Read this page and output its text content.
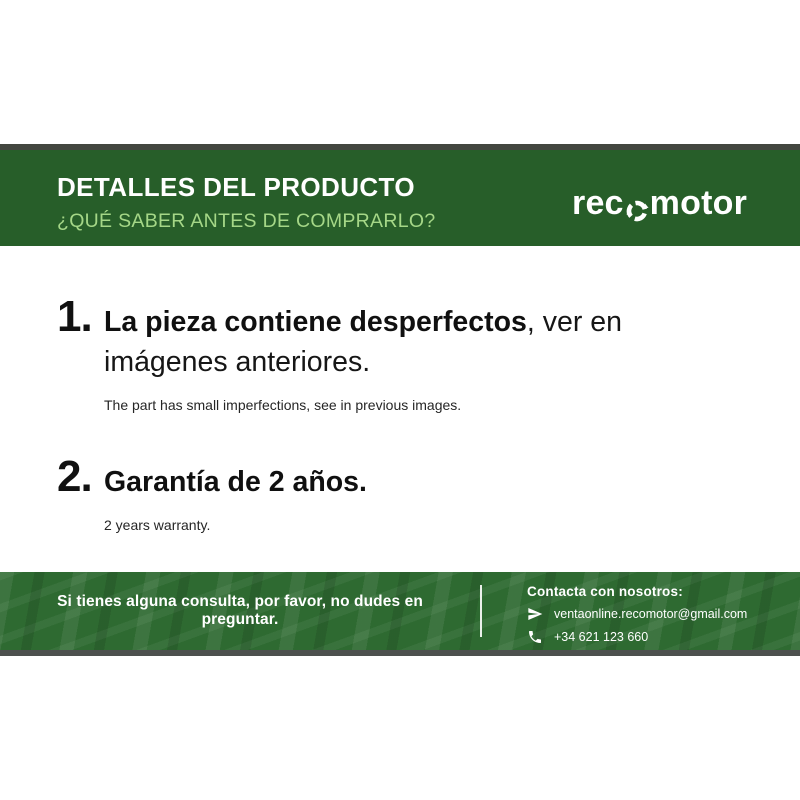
DETALLES DEL PRODUCTO
¿QUÉ SABER ANTES DE COMPRARLO?	rec motor
1. La pieza contiene desperfectos, ver en imágenes anteriores.
The part has small imperfections, see in previous images.
2. Garantía de 2 años.
2 years warranty.
Si tienes alguna consulta, por favor, no dudes en preguntar.
Contacta con nosotros:
ventaonline.recomotor@gmail.com
+34 621 123 660
